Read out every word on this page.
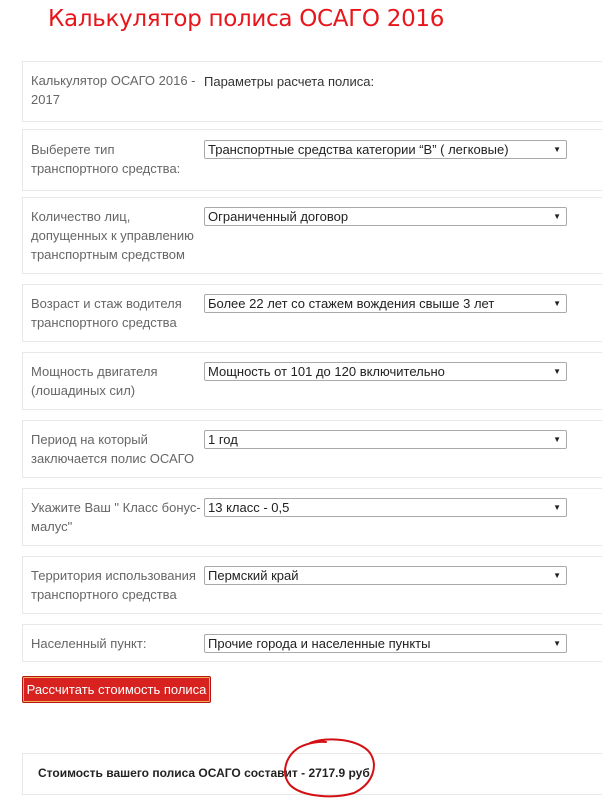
Калькулятор полиса ОСАГО 2016
Калькулятор ОСАГО 2016 - 2017
Параметры расчета полиса:
Выберете тип транспортного средства:
Транспортные средства категории “В” ( легковые)	▼
Количество лиц, допущенных к управлению транспортным средством
Ограниченный договор	▼
Возраст и стаж водителя транспортного средства
Более 22 лет со стажем вождения свыше 3 лет	▼
Мощность двигателя (лошадиных сил)
Мощность от 101 до 120 включительно	▼
Период на который заключается полис ОСАГО
1 год	▼
Укажите Ваш " Класс бонус-малус"
13 класс - 0,5	▼
Территория использования транспортного средства
Пермский край	▼
Населенный пункт:	Прочие города и населенные пункты	▼
Рассчитать стоимость полиса
Стоимость вашего полиса ОСАГО составит - 2717.9 руб.
